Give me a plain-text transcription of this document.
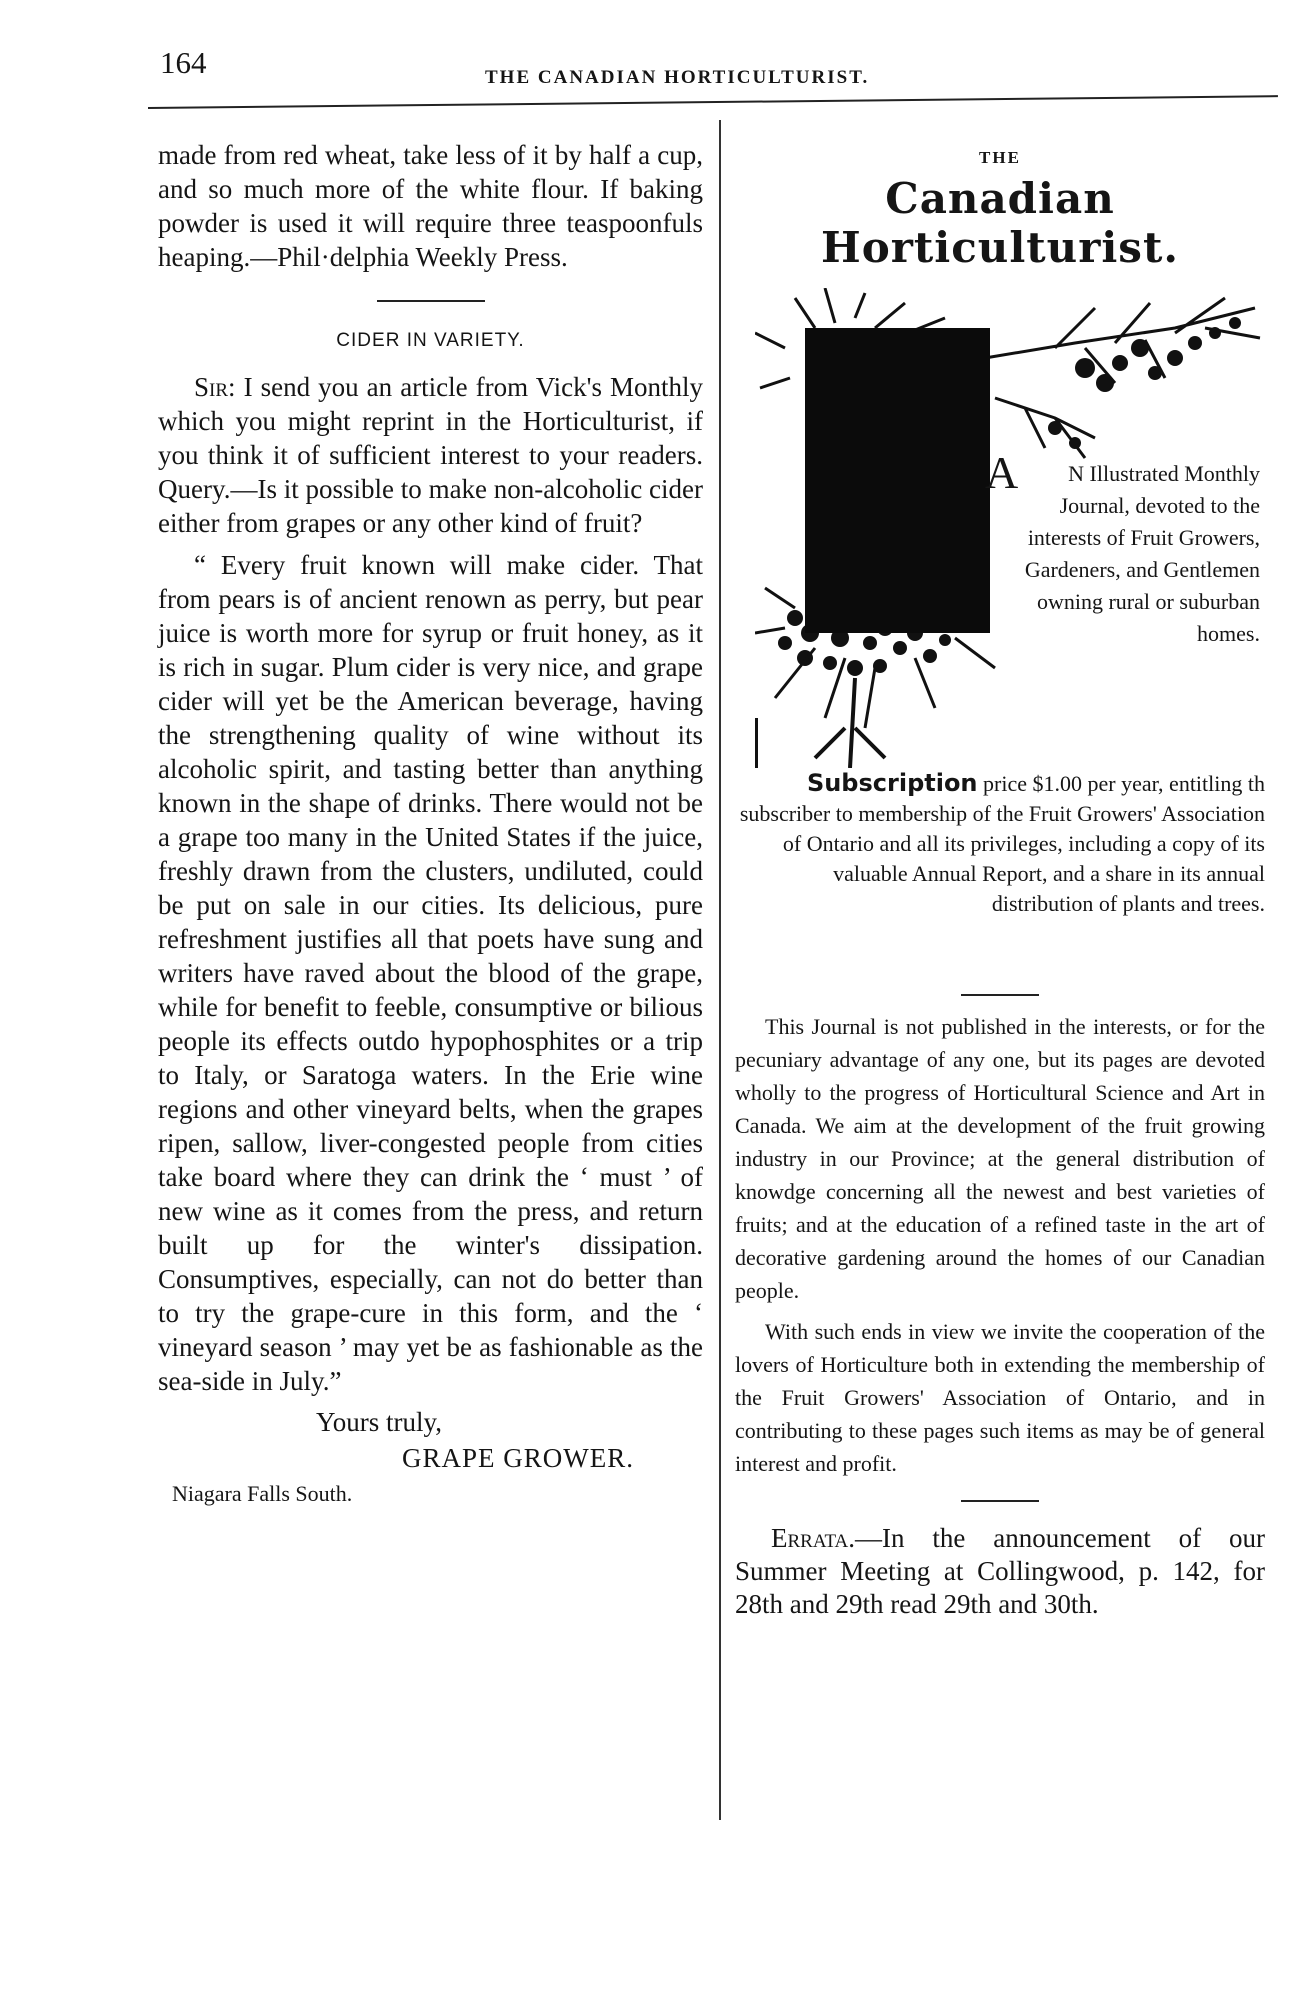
164	THE CANADIAN HORTICULTURIST.

made from red wheat, take less of it by half a cup, and so much more of the white flour. If baking powder is used it will require three teaspoonfuls heaping.—Phil·delphia Weekly Press.

CIDER IN VARIETY.

Sir: I send you an article from Vick's Monthly which you might reprint in the Horticulturist, if you think it of sufficient interest to your readers. Query.—Is it possible to make non-alcoholic cider either from grapes or any other kind of fruit?

“ Every fruit known will make cider. That from pears is of ancient renown as perry, but pear juice is worth more for syrup or fruit honey, as it is rich in sugar. Plum cider is very nice, and grape cider will yet be the American beverage, having the strengthening quality of wine without its alcoholic spirit, and tasting better than anything known in the shape of drinks. There would not be a grape too many in the United States if the juice, freshly drawn from the clusters, undiluted, could be put on sale in our cities. Its delicious, pure refreshment justifies all that poets have sung and writers have raved about the blood of the grape, while for benefit to feeble, consumptive or bilious people its effects outdo hypophosphites or a trip to Italy, or Saratoga waters. In the Erie wine regions and other vineyard belts, when the grapes ripen, sallow, liver-congested people from cities take board where they can drink the ‘ must ’ of new wine as it comes from the press, and return built up for the winter's dissipation. Consumptives, especially, can not do better than to try the grape-cure in this form, and the ‘ vineyard season ’ may yet be as fashionable as the sea-side in July.”

Yours truly,
GRAPE GROWER.
Niagara Falls South.
THE
Canadian Horticulturist.
A N Illustrated Monthly Journal, devoted to the interests of Fruit Growers, Gardeners, and Gentlemen owning rural or suburban homes.
Subscription price $1.00 per year, entitling th subscriber to membership of the Fruit Growers' Association of Ontario and all its privileges, including a copy of its valuable Annual Report, and a share in its annual distribution of plants and trees.

This Journal is not published in the interests, or for the pecuniary advantage of any one, but its pages are devoted wholly to the progress of Horticultural Science and Art in Canada. We aim at the development of the fruit growing industry in our Province; at the general distribution of knowdge concerning all the newest and best varieties of fruits; and at the education of a refined taste in the art of decorative gardening around the homes of our Canadian people.

With such ends in view we invite the cooperation of the lovers of Horticulture both in extending the membership of the Fruit Growers' Association of Ontario, and in contributing to these pages such items as may be of general interest and profit.

Errata.—In the announcement of our Summer Meeting at Collingwood, p. 142, for 28th and 29th read 29th and 30th.
